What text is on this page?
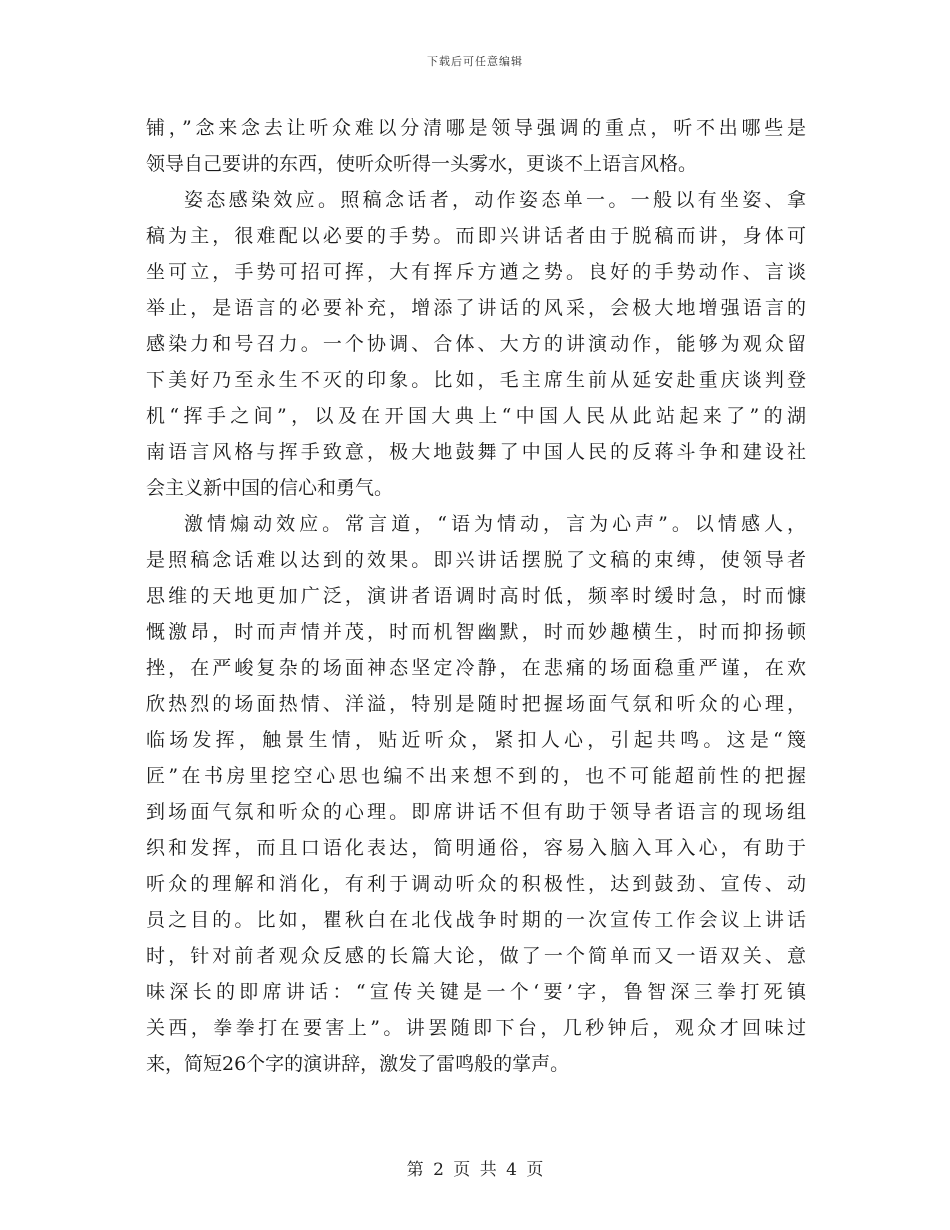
下载后可任意编辑
铺，”念来念去让听众难以分清哪是领导强调的重点，听不出哪些是
领导自己要讲的东西，使听众听得一头雾水，更谈不上语言风格。
姿态感染效应。照稿念话者，动作姿态单一。一般以有坐姿、拿
稿为主，很难配以必要的手势。而即兴讲话者由于脱稿而讲，身体可
坐可立，手势可招可挥，大有挥斥方遒之势。良好的手势动作、言谈
举止，是语言的必要补充，增添了讲话的风采，会极大地增强语言的
感染力和号召力。一个协调、合体、大方的讲演动作，能够为观众留
下美好乃至永生不灭的印象。比如，毛主席生前从延安赴重庆谈判登
机“挥手之间”，以及在开国大典上“中国人民从此站起来了”的湖
南语言风格与挥手致意，极大地鼓舞了中国人民的反蒋斗争和建设社
会主义新中国的信心和勇气。
激情煽动效应。常言道，“语为情动，言为心声”。以情感人，
是照稿念话难以达到的效果。即兴讲话摆脱了文稿的束缚，使领导者
思维的天地更加广泛，演讲者语调时高时低，频率时缓时急，时而慷
慨激昂，时而声情并茂，时而机智幽默，时而妙趣横生，时而抑扬顿
挫，在严峻复杂的场面神态坚定冷静，在悲痛的场面稳重严谨，在欢
欣热烈的场面热情、洋溢，特别是随时把握场面气氛和听众的心理，
临场发挥，触景生情，贴近听众，紧扣人心，引起共鸣。这是“篾
匠”在书房里挖空心思也编不出来想不到的，也不可能超前性的把握
到场面气氛和听众的心理。即席讲话不但有助于领导者语言的现场组
织和发挥，而且口语化表达，简明通俗，容易入脑入耳入心，有助于
听众的理解和消化，有利于调动听众的积极性，达到鼓劲、宣传、动
员之目的。比如，瞿秋白在北伐战争时期的一次宣传工作会议上讲话
时，针对前者观众反感的长篇大论，做了一个简单而又一语双关、意
味深长的即席讲话：“宣传关键是一个‘要’字，鲁智深三拳打死镇
关西，拳拳打在要害上”。讲罢随即下台，几秒钟后，观众才回味过
来，简短26个字的演讲辞，激发了雷鸣般的掌声。
第 2 页 共 4 页
